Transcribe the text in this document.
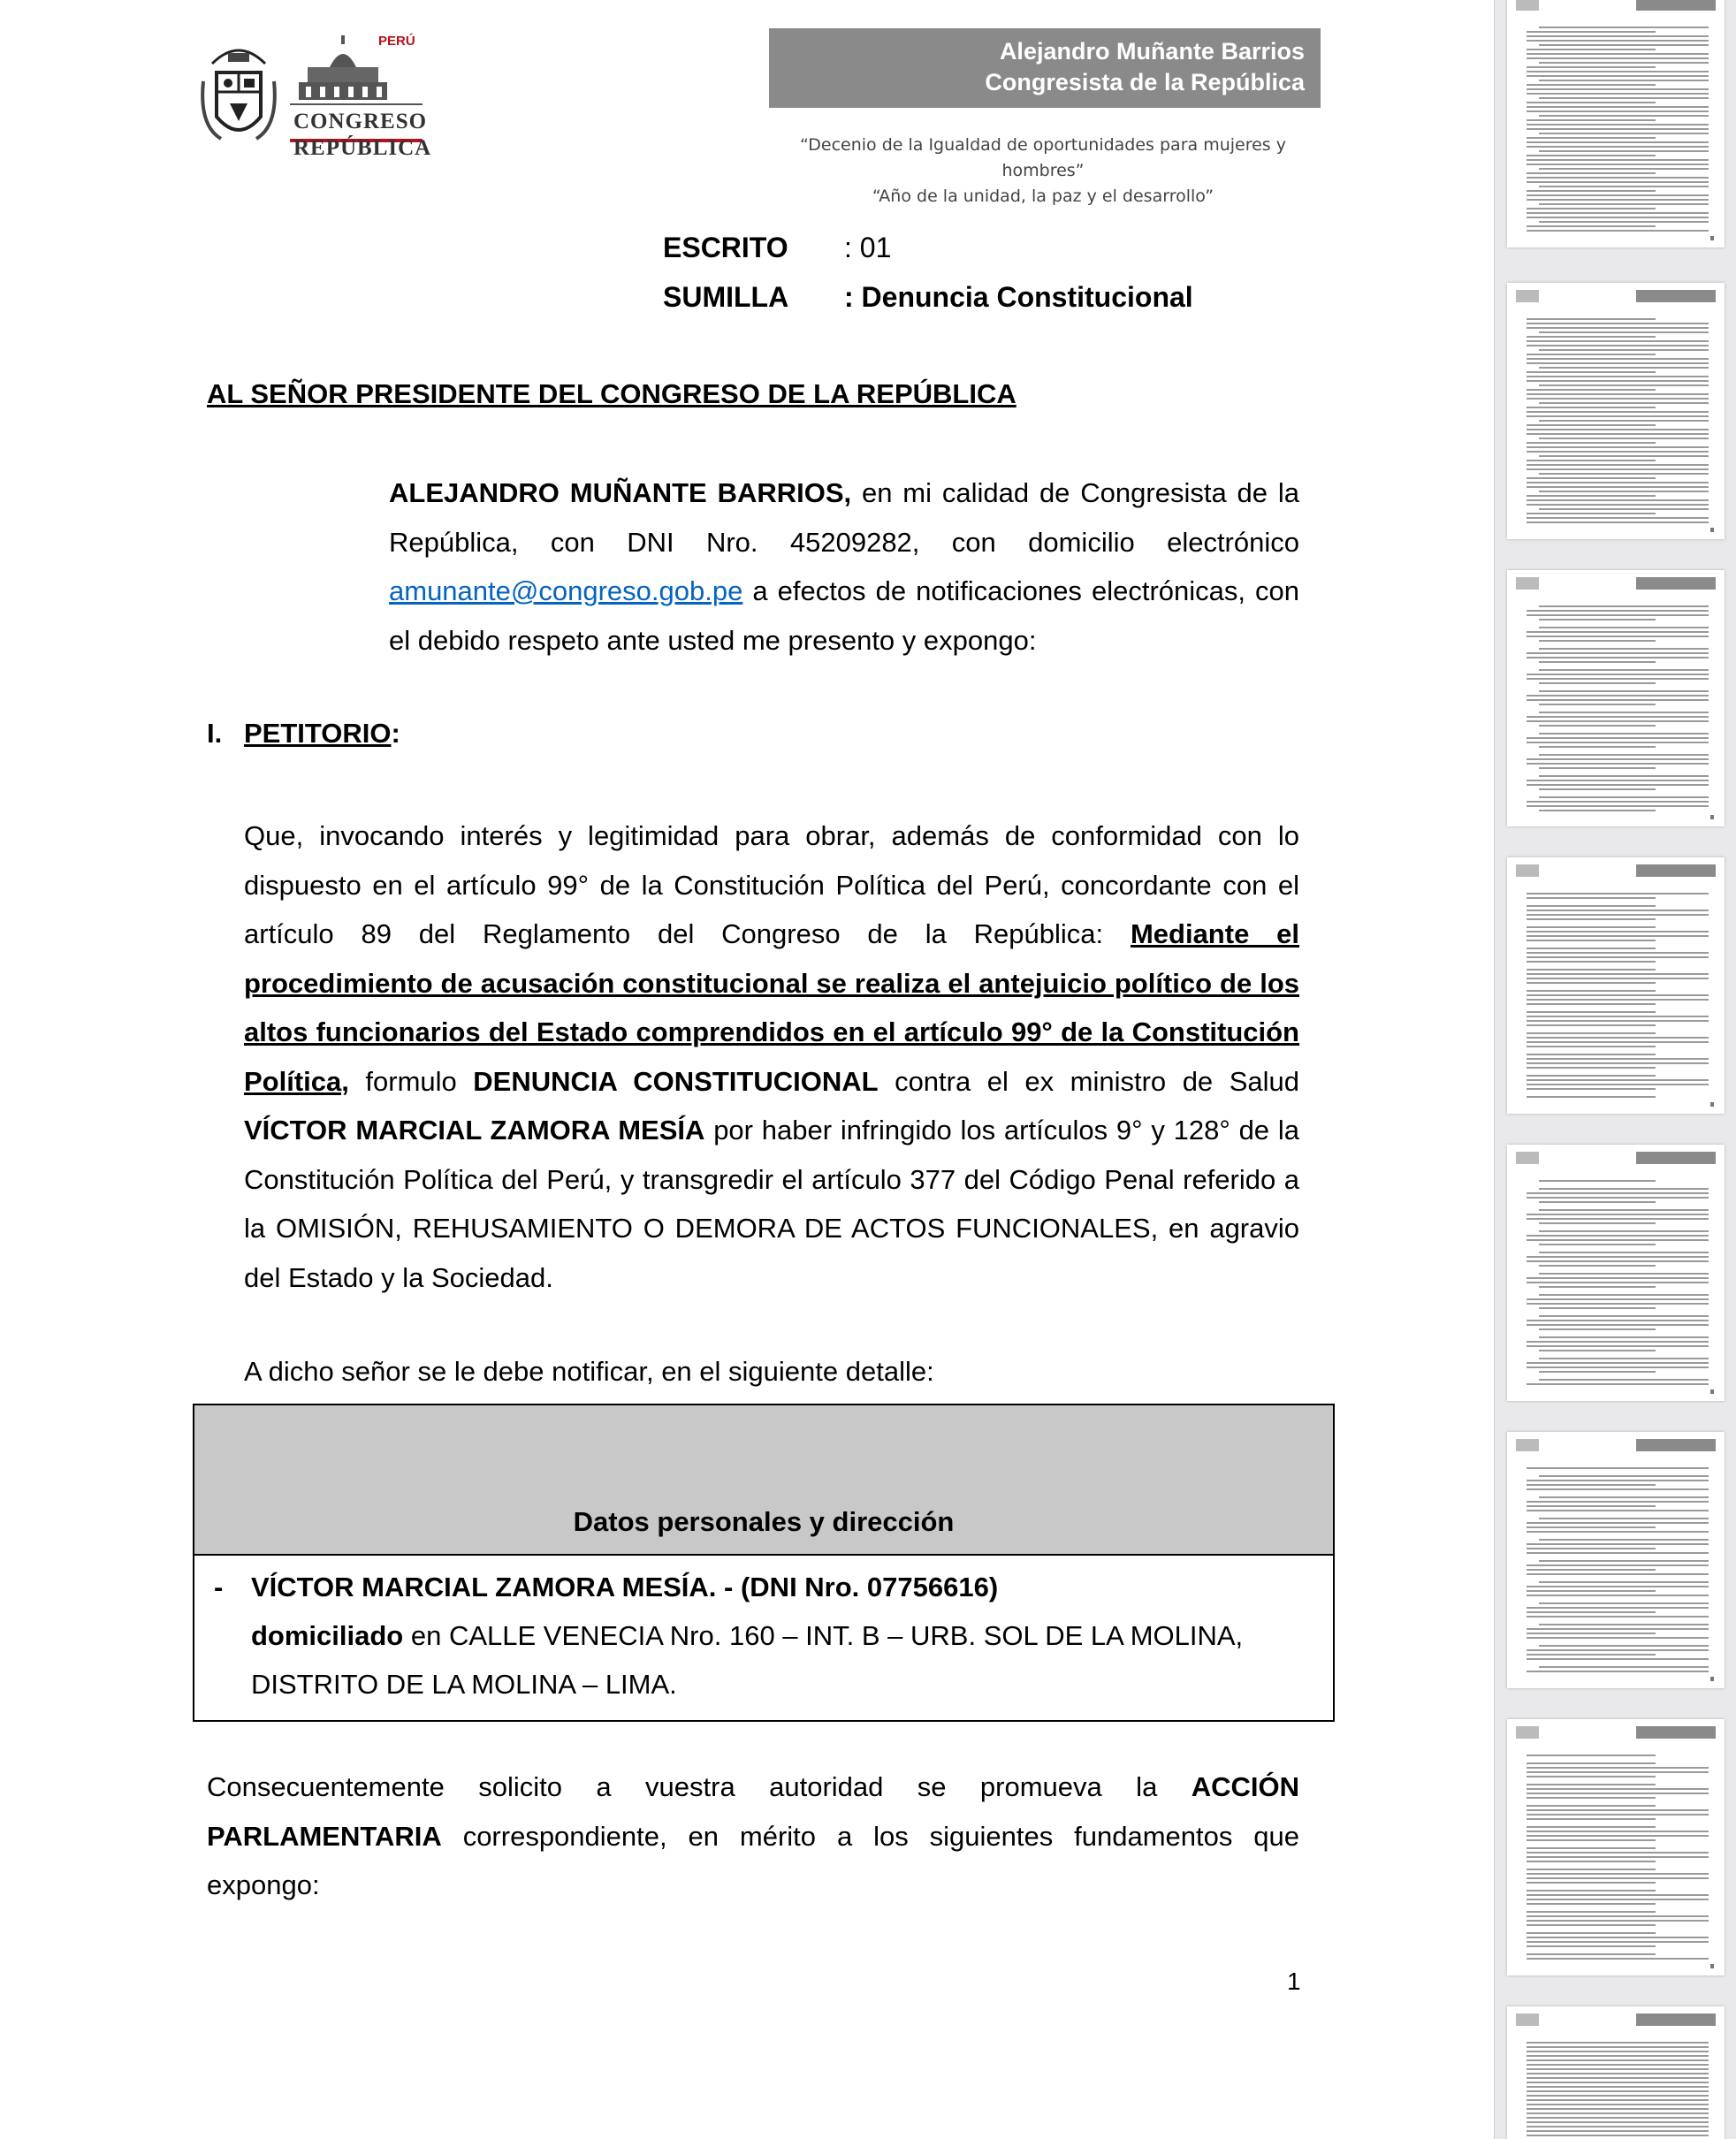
PERÚ
CONGRESO
REPÚBLICA
Alejandro Muñante Barrios
Congresista de la República
“Decenio de la Igualdad de oportunidades para mujeres y hombres”
“Año de la unidad, la paz y el desarrollo”
ESCRITO : 01
SUMILLA : Denuncia Constitucional
AL SEÑOR PRESIDENTE DEL CONGRESO DE LA REPÚBLICA

ALEJANDRO MUÑANTE BARRIOS, en mi calidad de Congresista de la República, con DNI Nro. 45209282, con domicilio electrónico amunante@congreso.gob.pe a efectos de notificaciones electrónicas, con el debido respeto ante usted me presento y expongo:

I. PETITORIO:

Que, invocando interés y legitimidad para obrar, además de conformidad con lo dispuesto en el artículo 99° de la Constitución Política del Perú, concordante con el artículo 89 del Reglamento del Congreso de la República: Mediante el procedimiento de acusación constitucional se realiza el antejuicio político de los altos funcionarios del Estado comprendidos en el artículo 99° de la Constitución Política, formulo DENUNCIA CONSTITUCIONAL contra el ex ministro de Salud VÍCTOR MARCIAL ZAMORA MESÍA por haber infringido los artículos 9° y 128° de la Constitución Política del Perú, y transgredir el artículo 377 del Código Penal referido a la OMISIÓN, REHUSAMIENTO O DEMORA DE ACTOS FUNCIONALES, en agravio del Estado y la Sociedad.

A dicho señor se le debe notificar, en el siguiente detalle:

Datos personales y dirección
- VÍCTOR MARCIAL ZAMORA MESÍA. - (DNI Nro. 07756616)
domiciliado en CALLE VENECIA Nro. 160 – INT. B – URB. SOL DE LA MOLINA, DISTRITO DE LA MOLINA – LIMA.

Consecuentemente solicito a vuestra autoridad se promueva la ACCIÓN PARLAMENTARIA correspondiente, en mérito a los siguientes fundamentos que expongo:

1
